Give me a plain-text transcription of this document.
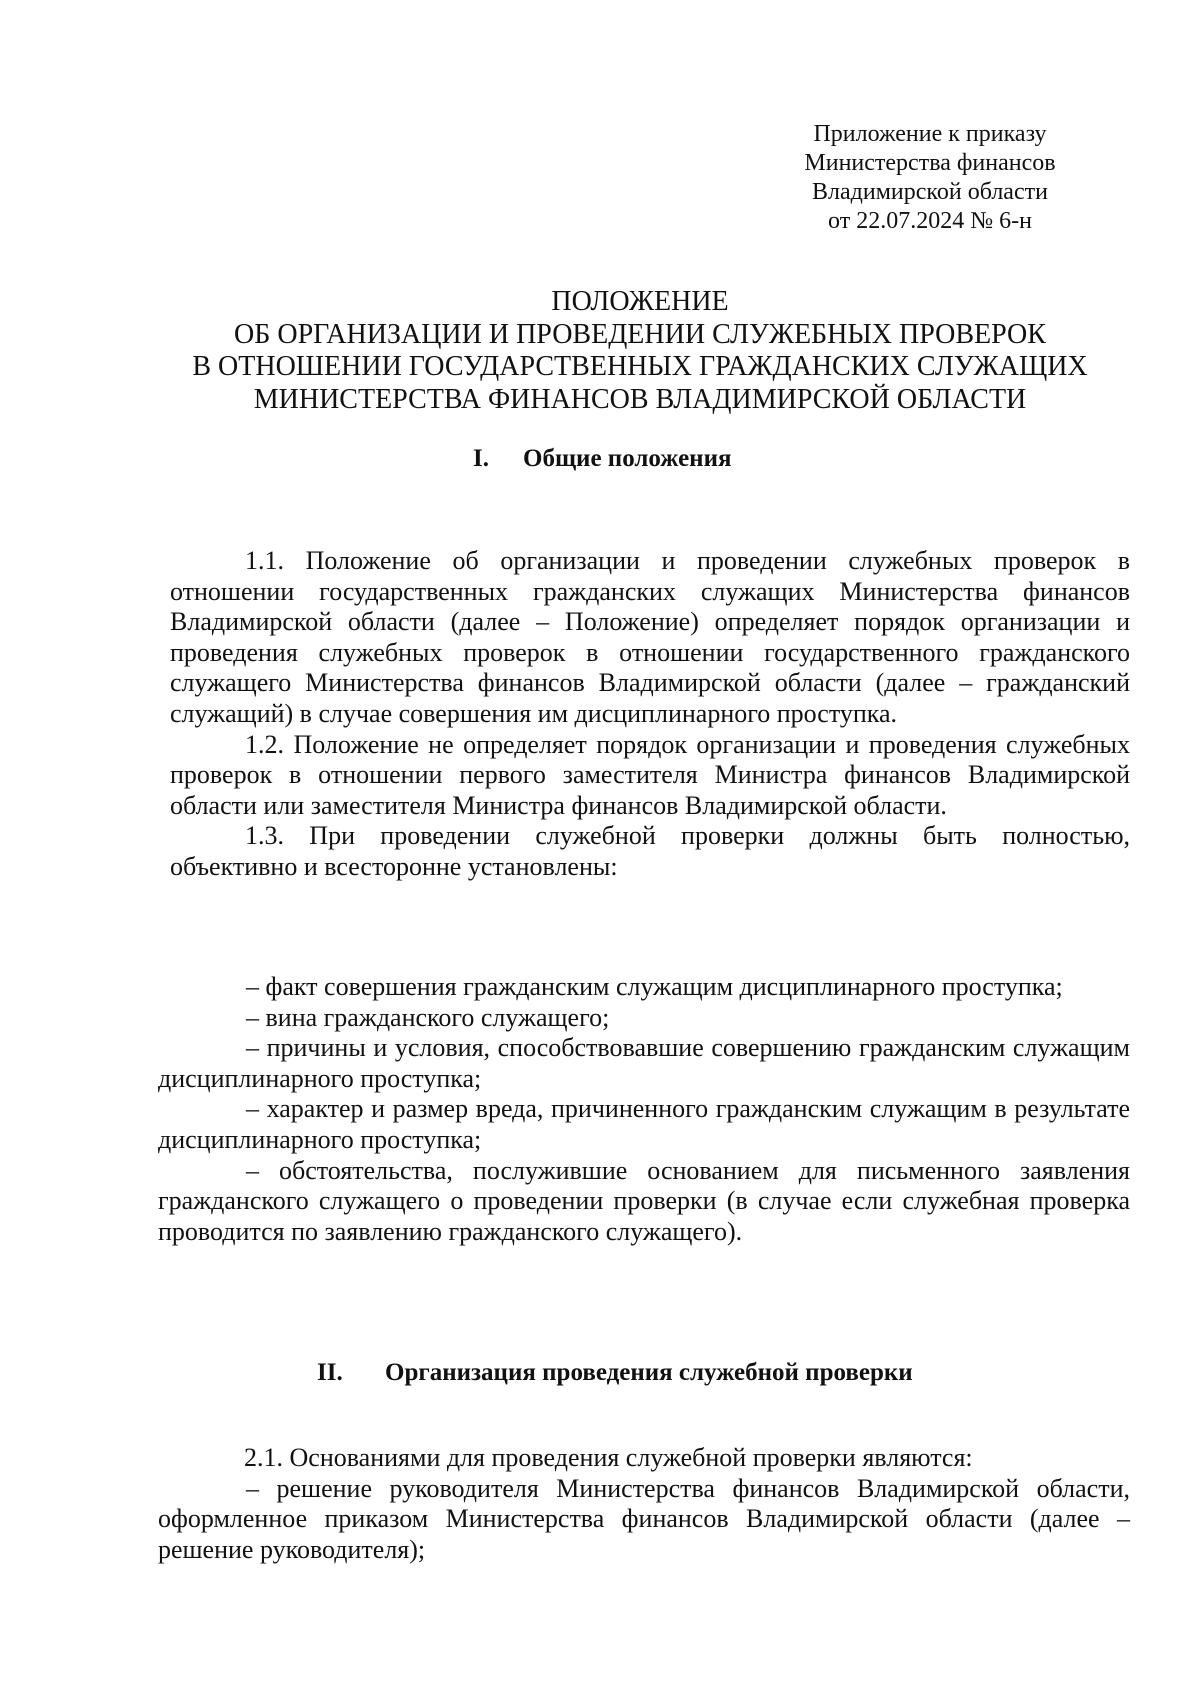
Приложение к приказу
Министерства финансов
Владимирской области
от 22.07.2024 № 6-н
ПОЛОЖЕНИЕ
ОБ ОРГАНИЗАЦИИ И ПРОВЕДЕНИИ СЛУЖЕБНЫХ ПРОВЕРОК
В ОТНОШЕНИИ ГОСУДАРСТВЕННЫХ ГРАЖДАНСКИХ СЛУЖАЩИХ
МИНИСТЕРСТВА ФИНАНСОВ ВЛАДИМИРСКОЙ ОБЛАСТИ
I. Общие положения

1.1. Положение об организации и проведении служебных проверок в отношении государственных гражданских служащих Министерства финансов Владимирской области (далее – Положение) определяет порядок организации и проведения служебных проверок в отношении государственного гражданского служащего Министерства финансов Владимирской области (далее – гражданский служащий) в случае совершения им дисциплинарного проступка.

1.2. Положение не определяет порядок организации и проведения служебных проверок в отношении первого заместителя Министра финансов Владимирской области или заместителя Министра финансов Владимирской области.

1.3. При проведении служебной проверки должны быть полностью, объективно и всесторонне установлены:

– факт совершения гражданским служащим дисциплинарного проступка;

– вина гражданского служащего;

– причины и условия, способствовавшие совершению гражданским служащим дисциплинарного проступка;

– характер и размер вреда, причиненного гражданским служащим в результате дисциплинарного проступка;

– обстоятельства, послужившие основанием для письменного заявления гражданского служащего о проведении проверки (в случае если служебная проверка проводится по заявлению гражданского служащего).

II. Организация проведения служебной проверки

2.1. Основаниями для проведения служебной проверки являются:

– решение руководителя Министерства финансов Владимирской области, оформленное приказом Министерства финансов Владимирской области (далее – решение руководителя);
